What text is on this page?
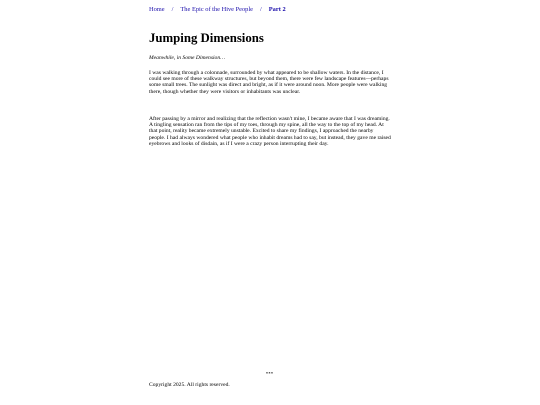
Home / The Epic of the Hive People / Part 2
Jumping Dimensions

Meanwhile, in Some Dimension…

I was walking through a colonnade, surrounded by what appeared to be shallow waters. In the distance, I could see more of these walkway structures, but beyond them, there were few landscape features—perhaps some small trees. The sunlight was direct and bright, as if it were around noon. More people were walking there, though whether they were visitors or inhabitants was unclear.

After passing by a mirror and realizing that the reflection wasn't mine, I became aware that I was dreaming. A tingling sensation ran from the tips of my toes, through my spine, all the way to the top of my head. At that point, reality became extremely unstable. Excited to share my findings, I approached the nearby people. I had always wondered what people who inhabit dreams had to say, but instead, they gave me raised eyebrows and looks of disdain, as if I were a crazy person interrupting their day.

***
Copyright 2025. All rights reserved.
